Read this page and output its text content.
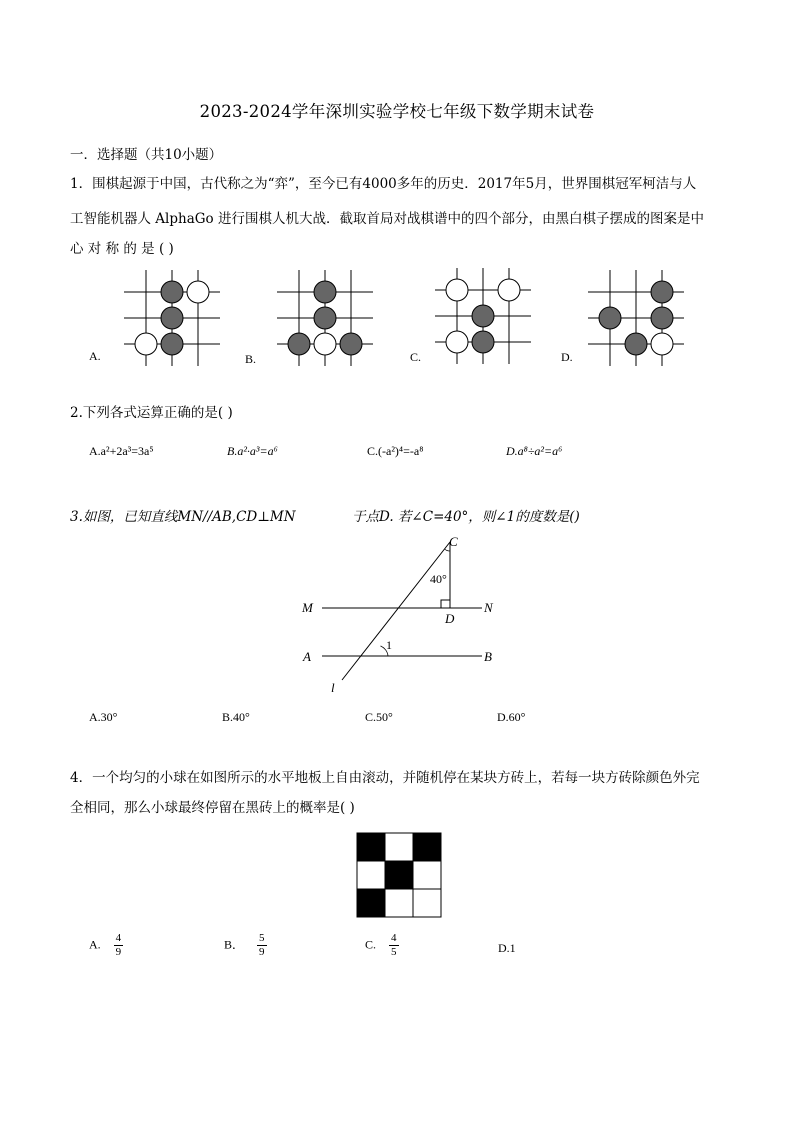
2023-2024学年深圳实验学校七年级下数学期末试卷
一．选择题（共10小题）
1．围棋起源于中国，古代称之为“弈”，至今已有4000多年的历史．2017年5月，世界围棋冠军柯洁与人
工智能机器人 AlphaGo 进行围棋人机大战．截取首局对战棋谱中的四个部分，由黑白棋子摆成的图案是中
心 对 称 的 是 ( )
A.	B.	C.	D.
2.下列各式运算正确的是( )
A.a²+2a³=3a⁵	B.a²·a³=a⁶	C.(-a²)⁴=-a⁸	D.a⁸÷a²=a⁶
3.如图，已知直线MN//AB,CD⊥MN	于点D. 若∠C=40°，则∠1的度数是()
C
40°
M	N
D
A	B
1
l
A.30°	B.40°	C.50°	D.60°
4．一个均匀的小球在如图所示的水平地板上自由滚动，并随机停在某块方砖上，若每一块方砖除颜色外完
全相同，那么小球最终停留在黑砖上的概率是( )
A. $\frac{4}{9}$	B． $\frac{5}{9}$	C. $\frac{4}{5}$	D.1
